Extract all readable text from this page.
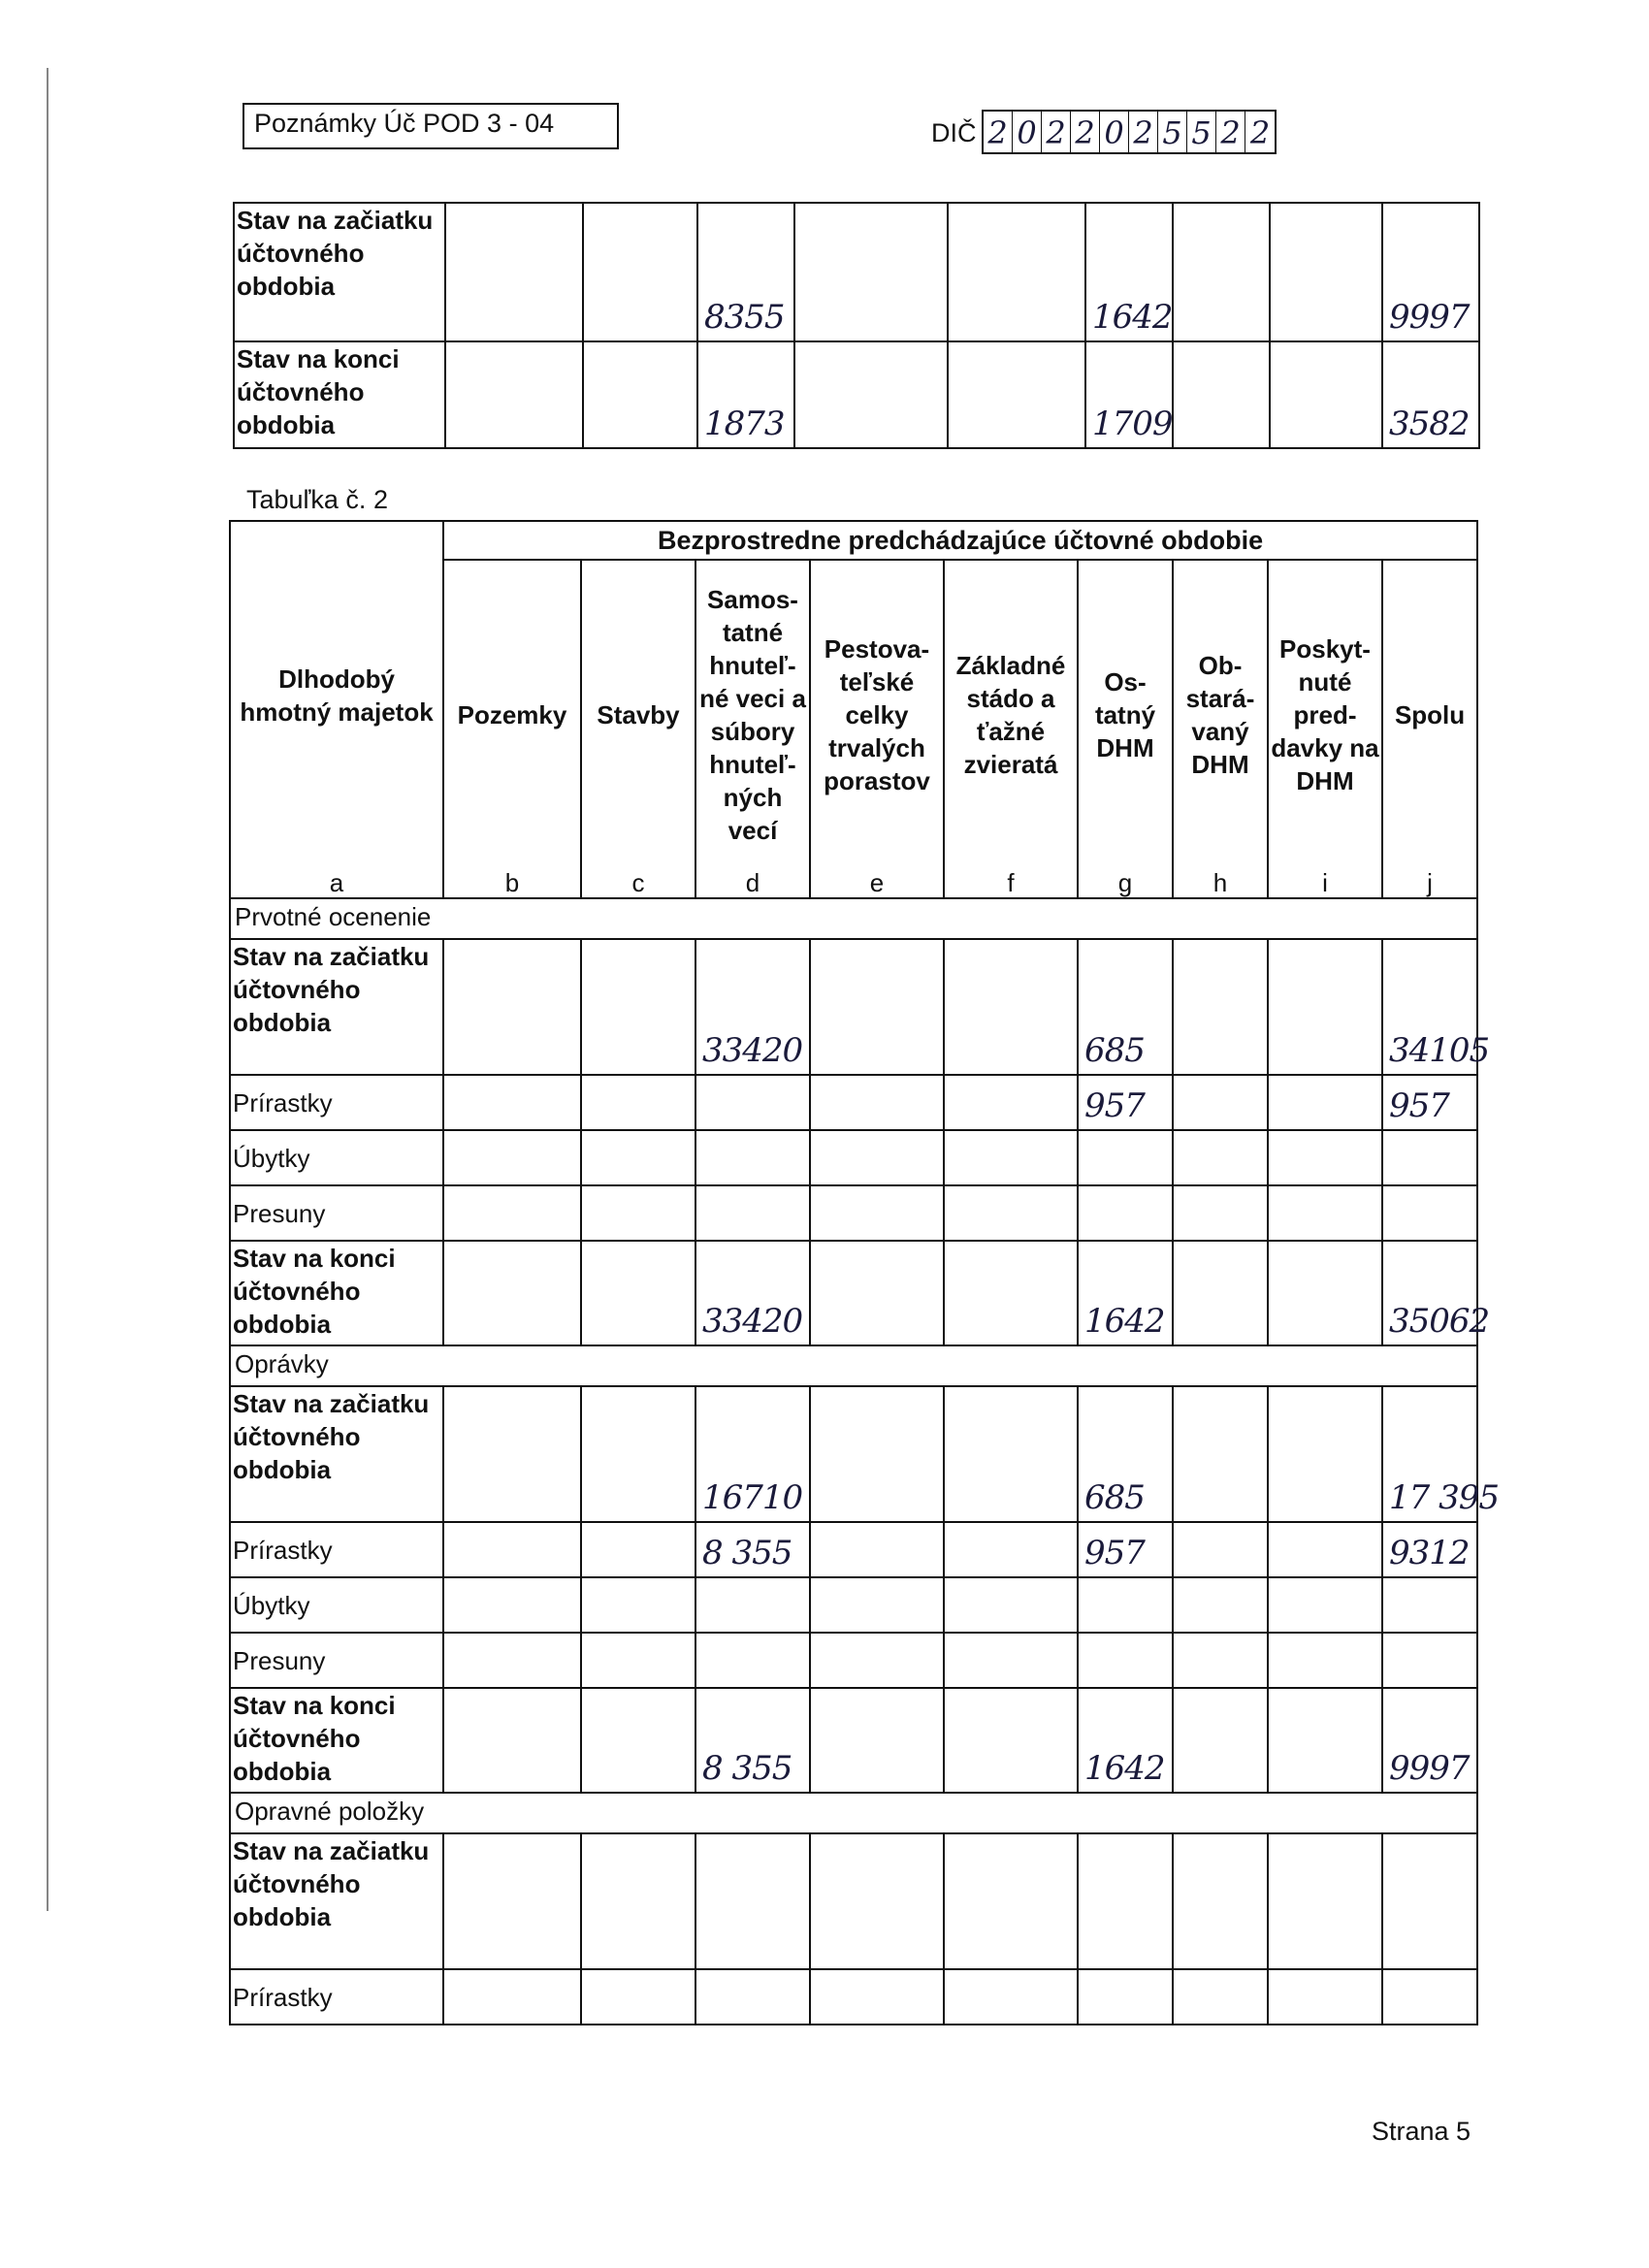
Poznámky Úč POD 3 - 04	DIČ 2 0 2 2 0 2 5 5 2 2
Stav na začiatku účtovného obdobia			8355			1642			9997
Stav na konci účtovného obdobia			1873			1709			3582
Tabuľka č. 2
Dlhodobý hmotný majetok	Bezprostredne predchádzajúce účtovné obdobie								
	Pozemky	Stavby	Samos-tatné hnuteľ-né veci a súbory hnuteľ-ných vecí	Pestova-teľské celky trvalých porastov	Základné stádo a ťažné zvieratá	Os-tatný DHM	Ob-stará-vaný DHM	Poskyt-nuté pred-davky na DHM	Spolu
a	b	c	d	e	f	g	h	i	j
Prvotné ocenenie									
Stav na začiatku účtovného obdobia			33420			685			34105
Prírastky						957			957
Úbytky									
Presuny									
Stav na konci účtovného obdobia			33420			1642			35062
Oprávky									
Stav na začiatku účtovného obdobia			16710			685			17 395
Prírastky			8 355			957			9312
Úbytky									
Presuny									
Stav na konci účtovného obdobia			8 355			1642			9997
Opravné položky									
Stav na začiatku účtovného obdobia									
Prírastky									
Strana 5
